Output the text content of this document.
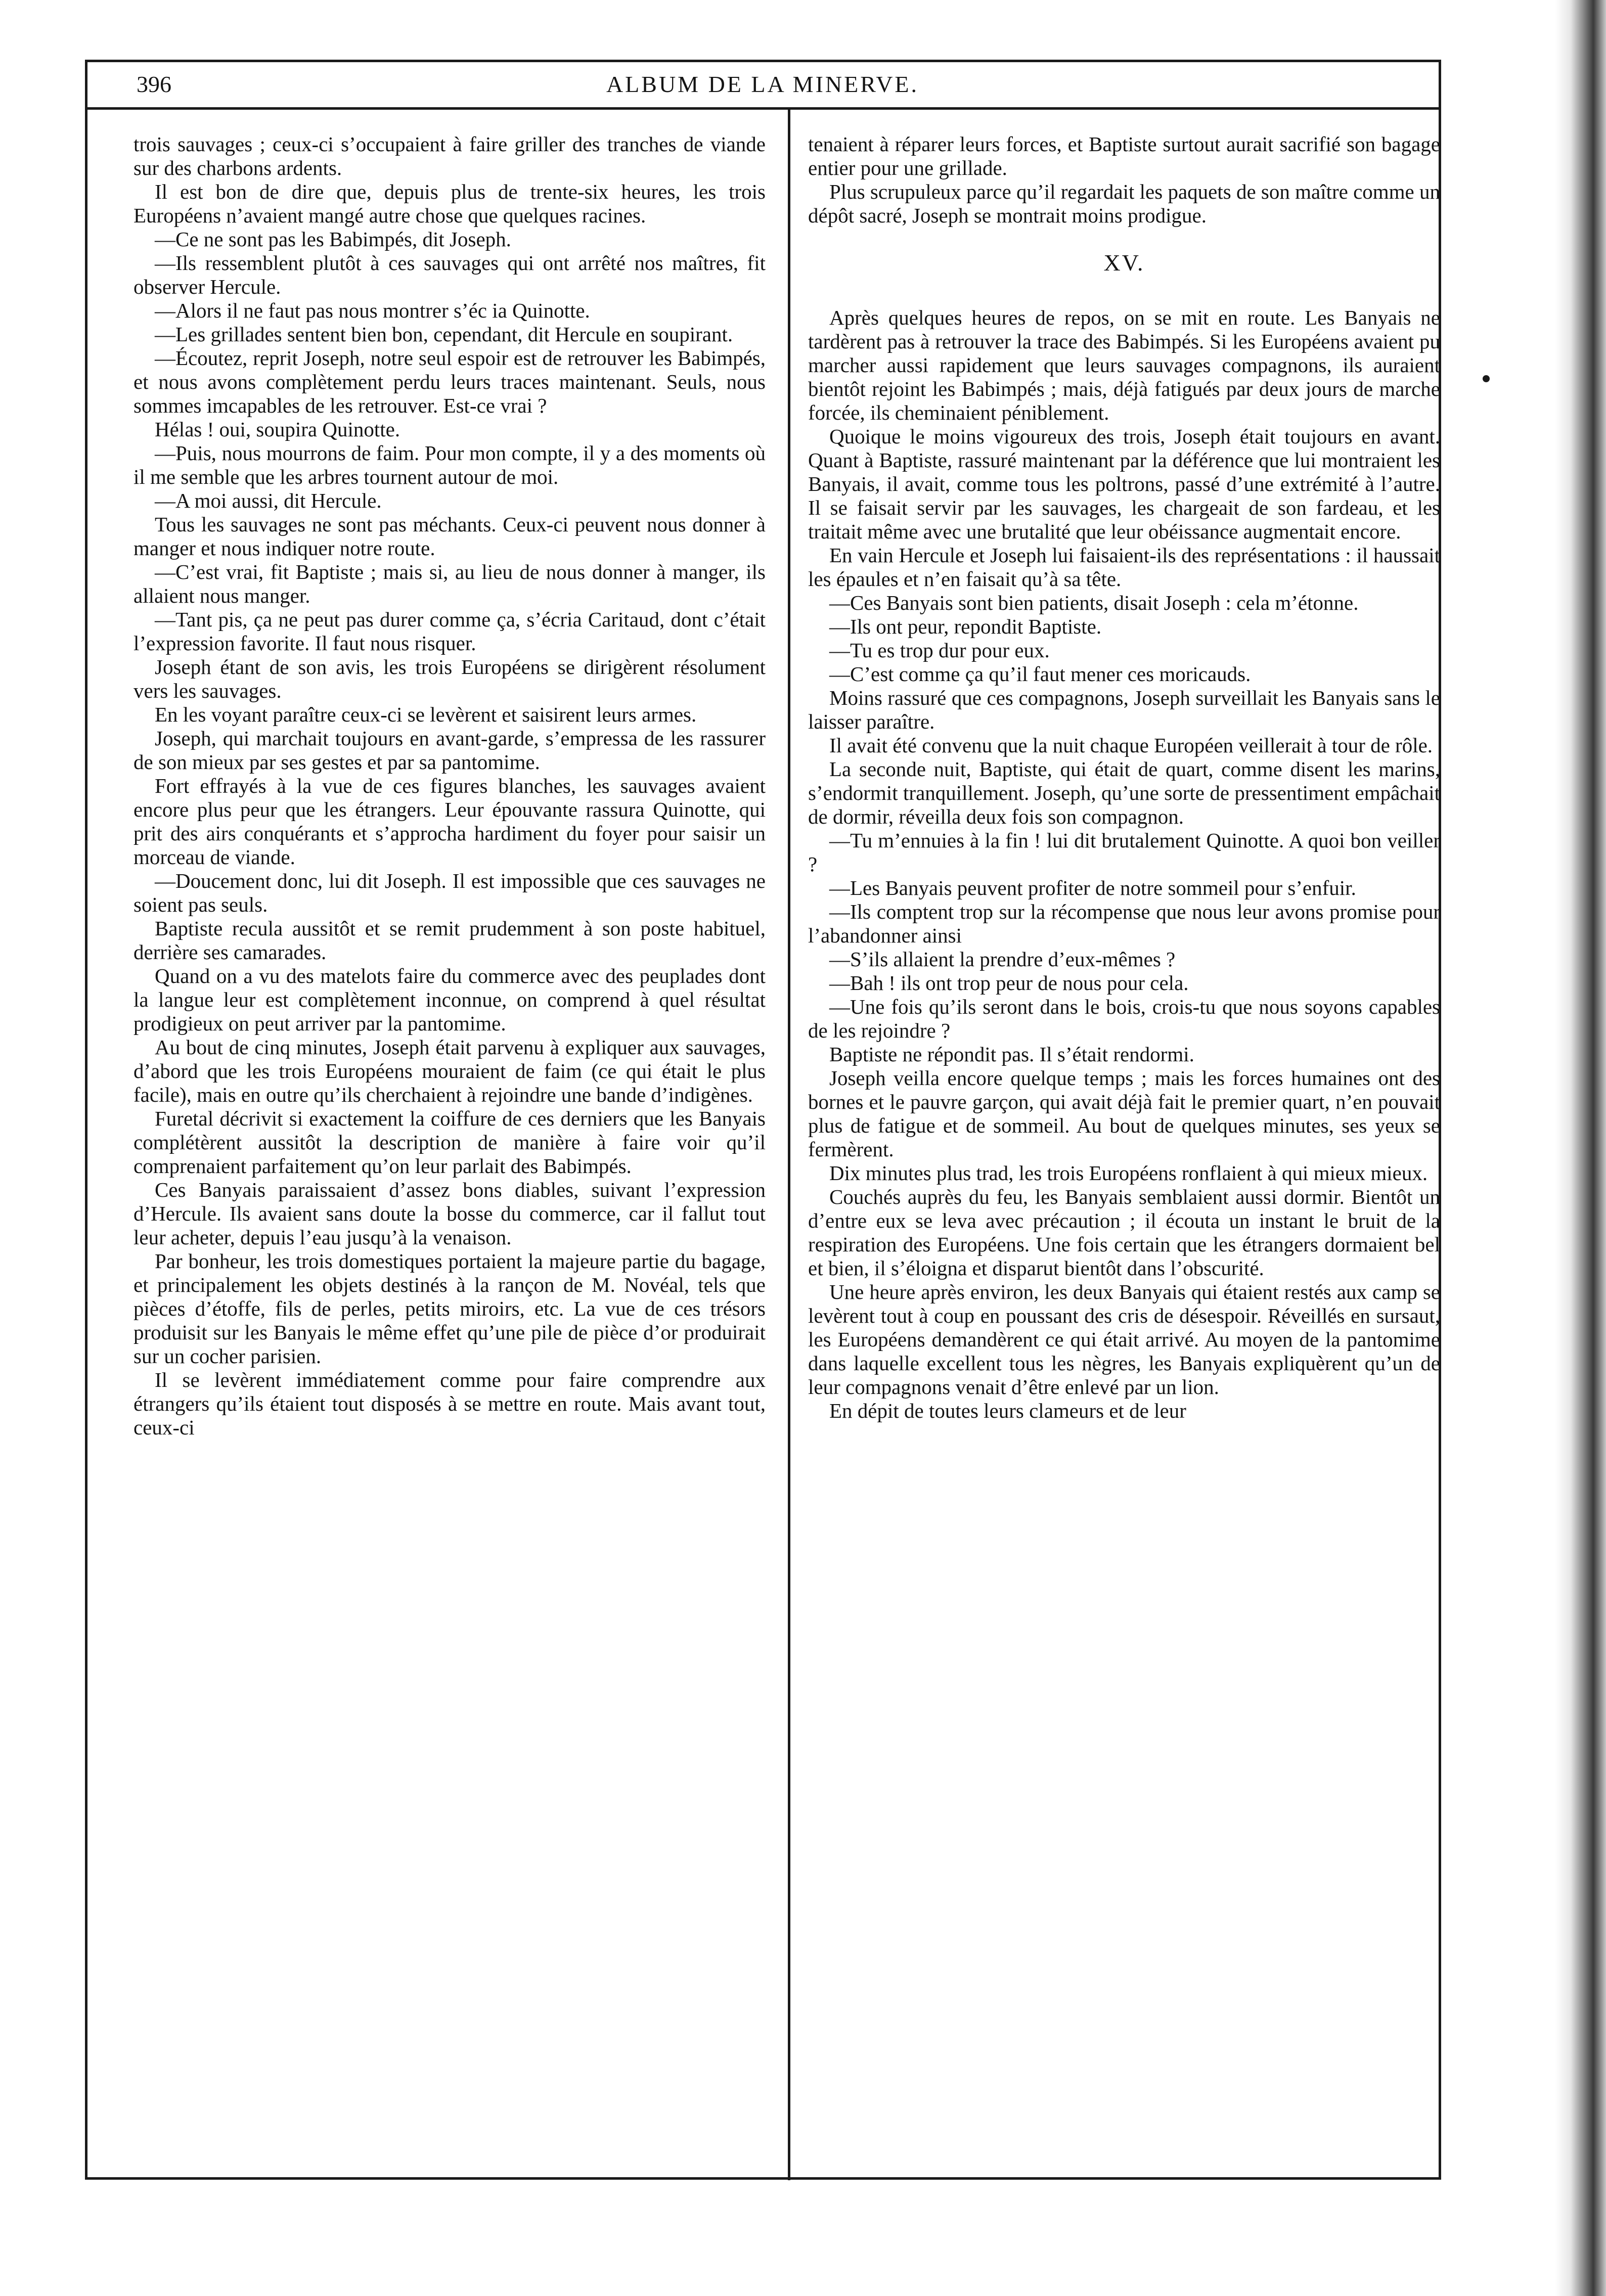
396	ALBUM DE LA MINERVE.

trois sauvages ; ceux-ci s’occupaient à faire griller des tranches de viande sur des charbons ardents.

Il est bon de dire que, depuis plus de trente-six heures, les trois Européens n’avaient mangé autre chose que quelques racines.

—Ce ne sont pas les Babimpés, dit Joseph.

—Ils ressemblent plutôt à ces sauvages qui ont arrêté nos maîtres, fit observer Hercule.

—Alors il ne faut pas nous montrer s’éc ia Quinotte.

—Les grillades sentent bien bon, cependant, dit Hercule en soupirant.

—Écoutez, reprit Joseph, notre seul espoir est de retrouver les Babimpés, et nous avons complètement perdu leurs traces maintenant. Seuls, nous sommes imcapables de les retrouver. Est-ce vrai ?

Hélas ! oui, soupira Quinotte.

—Puis, nous mourrons de faim. Pour mon compte, il y a des moments où il me semble que les arbres tournent autour de moi.

—A moi aussi, dit Hercule.

Tous les sauvages ne sont pas méchants. Ceux-ci peuvent nous donner à manger et nous indiquer notre route.

—C’est vrai, fit Baptiste ; mais si, au lieu de nous donner à manger, ils allaient nous manger.

—Tant pis, ça ne peut pas durer comme ça, s’écria Caritaud, dont c’était l’expression favorite. Il faut nous risquer.

Joseph étant de son avis, les trois Européens se dirigèrent résolument vers les sauvages.

En les voyant paraître ceux-ci se levèrent et saisirent leurs armes.

Joseph, qui marchait toujours en avant-garde, s’empressa de les rassurer de son mieux par ses gestes et par sa pantomime.

Fort effrayés à la vue de ces figures blanches, les sauvages avaient encore plus peur que les étrangers. Leur épouvante rassura Quinotte, qui prit des airs conquérants et s’approcha hardiment du foyer pour saisir un morceau de viande.

—Doucement donc, lui dit Joseph. Il est impossible que ces sauvages ne soient pas seuls.

Baptiste recula aussitôt et se remit prudemment à son poste habituel, derrière ses camarades.

Quand on a vu des matelots faire du commerce avec des peuplades dont la langue leur est complètement inconnue, on comprend à quel résultat prodigieux on peut arriver par la pantomime.

Au bout de cinq minutes, Joseph était parvenu à expliquer aux sauvages, d’abord que les trois Européens mouraient de faim (ce qui était le plus facile), mais en outre qu’ils cherchaient à rejoindre une bande d’indigènes.

Furetal décrivit si exactement la coiffure de ces derniers que les Banyais complétèrent aussitôt la description de manière à faire voir qu’il comprenaient parfaitement qu’on leur parlait des Babimpés.

Ces Banyais paraissaient d’assez bons diables, suivant l’expression d’Hercule. Ils avaient sans doute la bosse du commerce, car il fallut tout leur acheter, depuis l’eau jusqu’à la venaison.

Par bonheur, les trois domestiques portaient la majeure partie du bagage, et principalement les objets destinés à la rançon de M. Novéal, tels que pièces d’étoffe, fils de perles, petits miroirs, etc. La vue de ces trésors produisit sur les Banyais le même effet qu’une pile de pièce d’or produirait sur un cocher parisien.

Il se levèrent immédiatement comme pour faire comprendre aux étrangers qu’ils étaient tout disposés à se mettre en route. Mais avant tout, ceux-ci

tenaient à réparer leurs forces, et Baptiste surtout aurait sacrifié son bagage entier pour une grillade.

Plus scrupuleux parce qu’il regardait les paquets de son maître comme un dépôt sacré, Joseph se montrait moins prodigue.

XV.

Après quelques heures de repos, on se mit en route. Les Banyais ne tardèrent pas à retrouver la trace des Babimpés. Si les Européens avaient pu marcher aussi rapidement que leurs sauvages compagnons, ils auraient bientôt rejoint les Babimpés ; mais, déjà fatigués par deux jours de marche forcée, ils cheminaient péniblement.

Quoique le moins vigoureux des trois, Joseph était toujours en avant. Quant à Baptiste, rassuré maintenant par la déférence que lui montraient les Banyais, il avait, comme tous les poltrons, passé d’une extrémité à l’autre. Il se faisait servir par les sauvages, les chargeait de son fardeau, et les traitait même avec une brutalité que leur obéissance augmentait encore.

En vain Hercule et Joseph lui faisaient-ils des représentations : il haussait les épaules et n’en faisait qu’à sa tête.

—Ces Banyais sont bien patients, disait Joseph : cela m’étonne.

—Ils ont peur, repondit Baptiste.

—Tu es trop dur pour eux.

—C’est comme ça qu’il faut mener ces moricauds.

Moins rassuré que ces compagnons, Joseph surveillait les Banyais sans le laisser paraître.

Il avait été convenu que la nuit chaque Européen veillerait à tour de rôle.

La seconde nuit, Baptiste, qui était de quart, comme disent les marins, s’endormit tranquillement. Joseph, qu’une sorte de pressentiment empâchait de dormir, réveilla deux fois son compagnon.

—Tu m’ennuies à la fin ! lui dit brutalement Quinotte. A quoi bon veiller ?

—Les Banyais peuvent profiter de notre sommeil pour s’enfuir.

—Ils comptent trop sur la récompense que nous leur avons promise pour l’abandonner ainsi

—S’ils allaient la prendre d’eux-mêmes ?

—Bah ! ils ont trop peur de nous pour cela.

—Une fois qu’ils seront dans le bois, crois-tu que nous soyons capables de les rejoindre ?

Baptiste ne répondit pas. Il s’était rendormi.

Joseph veilla encore quelque temps ; mais les forces humaines ont des bornes et le pauvre garçon, qui avait déjà fait le premier quart, n’en pouvait plus de fatigue et de sommeil. Au bout de quelques minutes, ses yeux se fermèrent.

Dix minutes plus trad, les trois Européens ronflaient à qui mieux mieux.

Couchés auprès du feu, les Banyais semblaient aussi dormir. Bientôt un d’entre eux se leva avec précaution ; il écouta un instant le bruit de la respiration des Européens. Une fois certain que les étrangers dormaient bel et bien, il s’éloigna et disparut bientôt dans l’obscurité.

Une heure après environ, les deux Banyais qui étaient restés aux camp se levèrent tout à coup en poussant des cris de désespoir. Réveillés en sursaut, les Européens demandèrent ce qui était arrivé. Au moyen de la pantomime dans laquelle excellent tous les nègres, les Banyais expliquèrent qu’un de leur compagnons venait d’être enlevé par un lion.

En dépit de toutes leurs clameurs et de leur
